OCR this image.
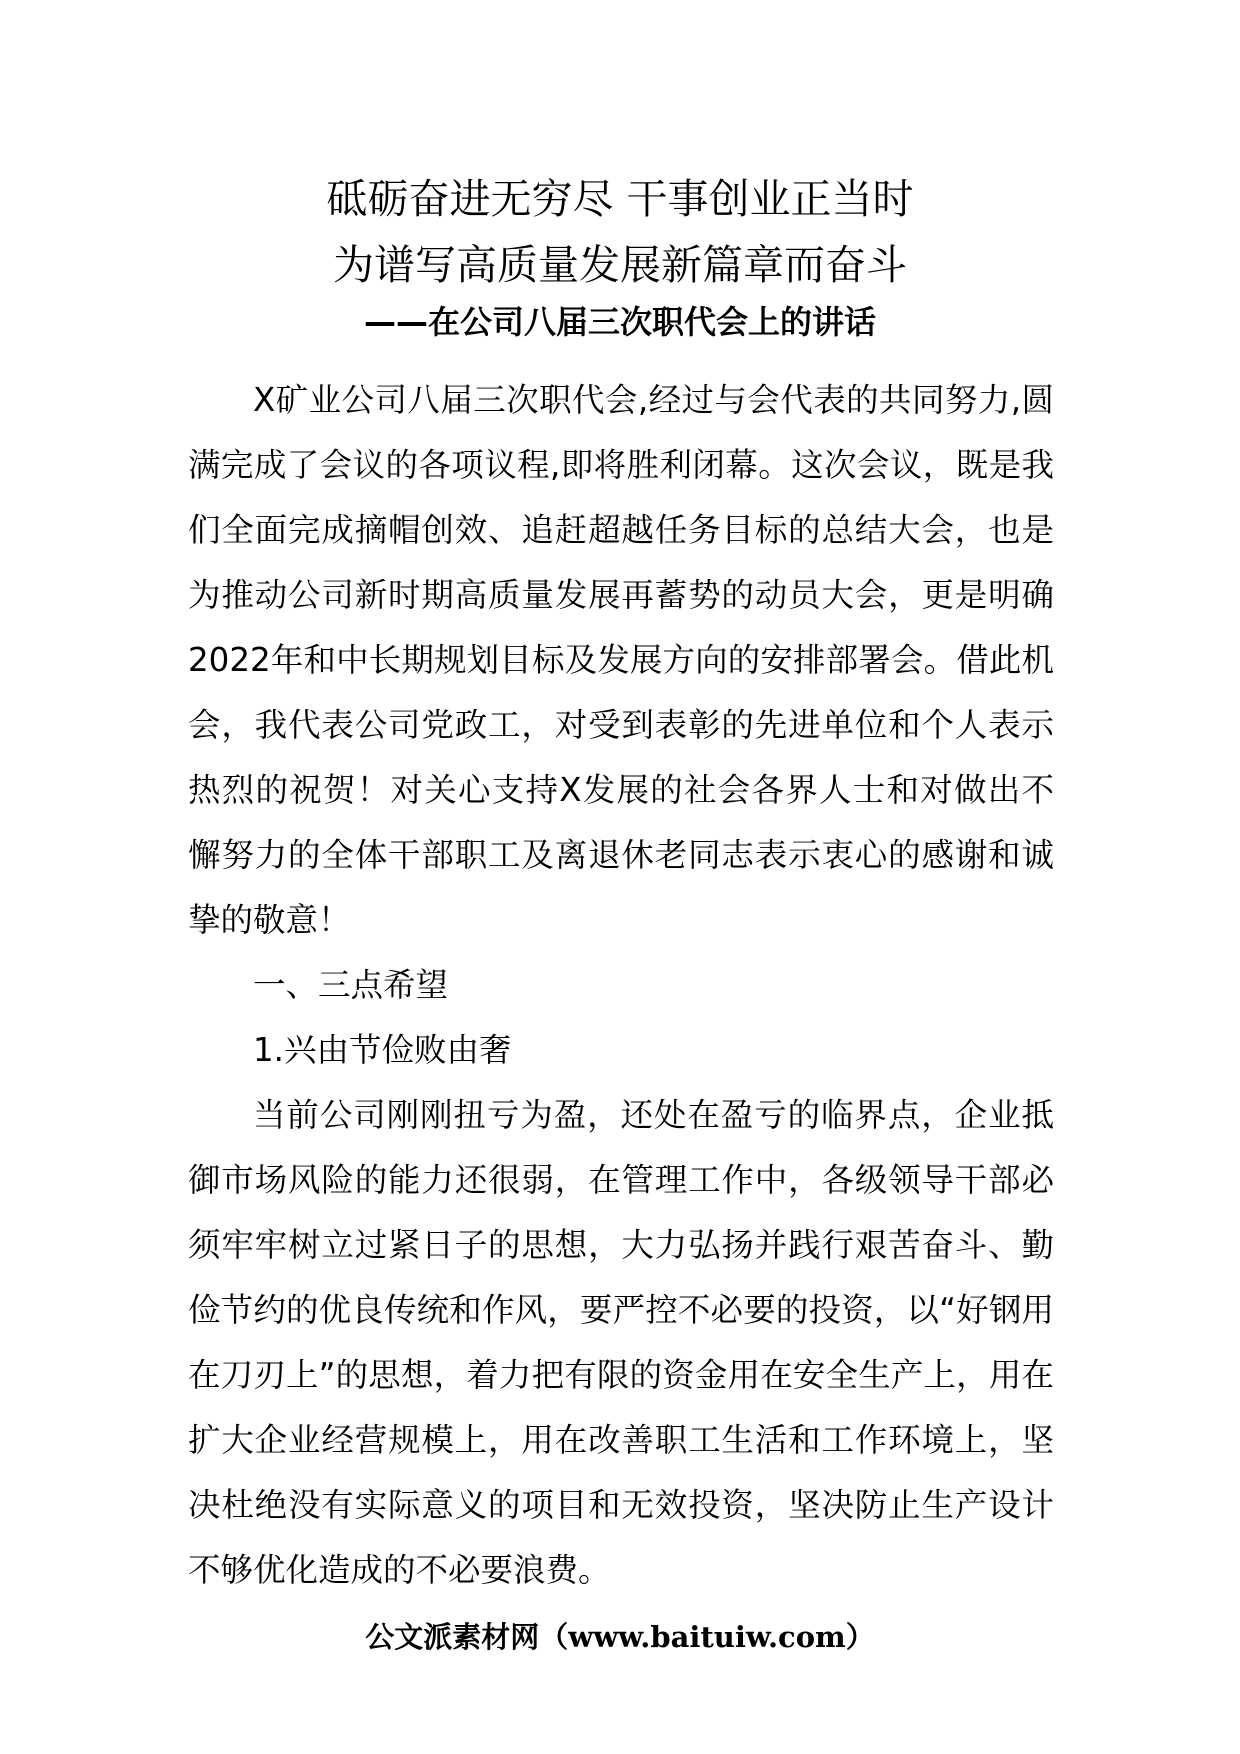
砥砺奋进无穷尽 干事创业正当时
为谱写高质量发展新篇章而奋斗
——在公司八届三次职代会上的讲话

X矿业公司八届三次职代会,经过与会代表的共同努力,圆满完成了会议的各项议程,即将胜利闭幕。这次会议，既是我们全面完成摘帽创效、追赶超越任务目标的总结大会，也是为推动公司新时期高质量发展再蓄势的动员大会，更是明确2022年和中长期规划目标及发展方向的安排部署会。借此机会，我代表公司党政工，对受到表彰的先进单位和个人表示热烈的祝贺！对关心支持X发展的社会各界人士和对做出不懈努力的全体干部职工及离退休老同志表示衷心的感谢和诚挚的敬意！

一、三点希望

1.兴由节俭败由奢

当前公司刚刚扭亏为盈，还处在盈亏的临界点，企业抵御市场风险的能力还很弱，在管理工作中，各级领导干部必须牢牢树立过紧日子的思想，大力弘扬并践行艰苦奋斗、勤俭节约的优良传统和作风，要严控不必要的投资，以“好钢用在刀刃上”的思想，着力把有限的资金用在安全生产上，用在扩大企业经营规模上，用在改善职工生活和工作环境上，坚决杜绝没有实际意义的项目和无效投资，坚决防止生产设计不够优化造成的不必要浪费。

公文派素材网（www.baituiw.com）
